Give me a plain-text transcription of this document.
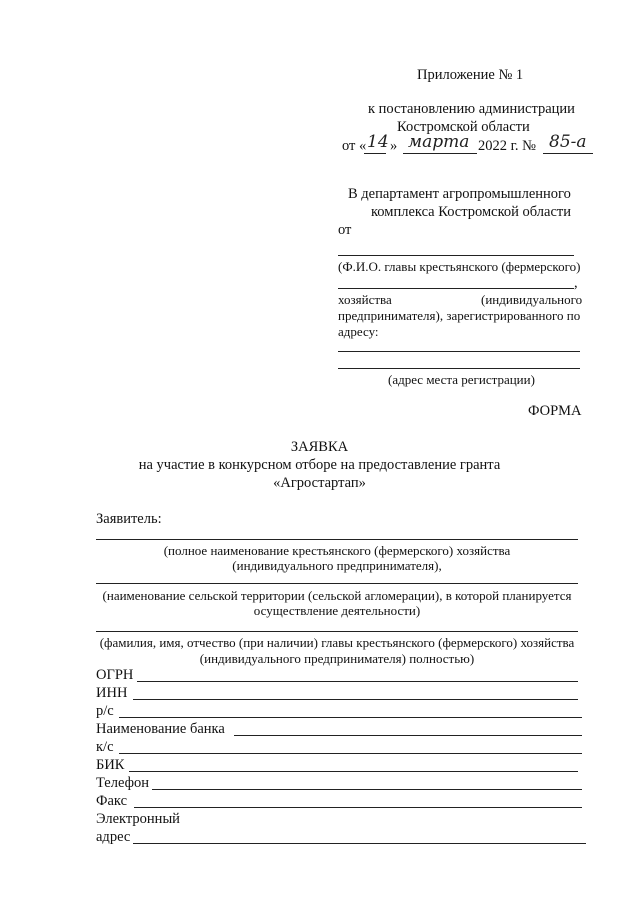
Приложение № 1
к постановлению администрации
Костромской области
от « 14 » марта 2022 г. № 85-а
В департамент агропромышленного
комплекса Костромской области
от
(Ф.И.О. главы крестьянского (фермерского)
,
хозяйства	(индивидуального
предпринимателя), зарегистрированного по
адресу:
(адрес места регистрации)
ФОРМА
ЗАЯВКА
на участие в конкурсном отборе на предоставление гранта
«Агростартап»
Заявитель:
(полное наименование крестьянского (фермерского) хозяйства
(индивидуального предпринимателя),
(наименование сельской территории (сельской агломерации), в которой планируется
осуществление деятельности)
(фамилия, имя, отчество (при наличии) главы крестьянского (фермерского) хозяйства
(индивидуального предпринимателя) полностью)
ОГРН
ИНН
р/с
Наименование банка
к/с
БИК
Телефон
Факс
Электронный
адрес
